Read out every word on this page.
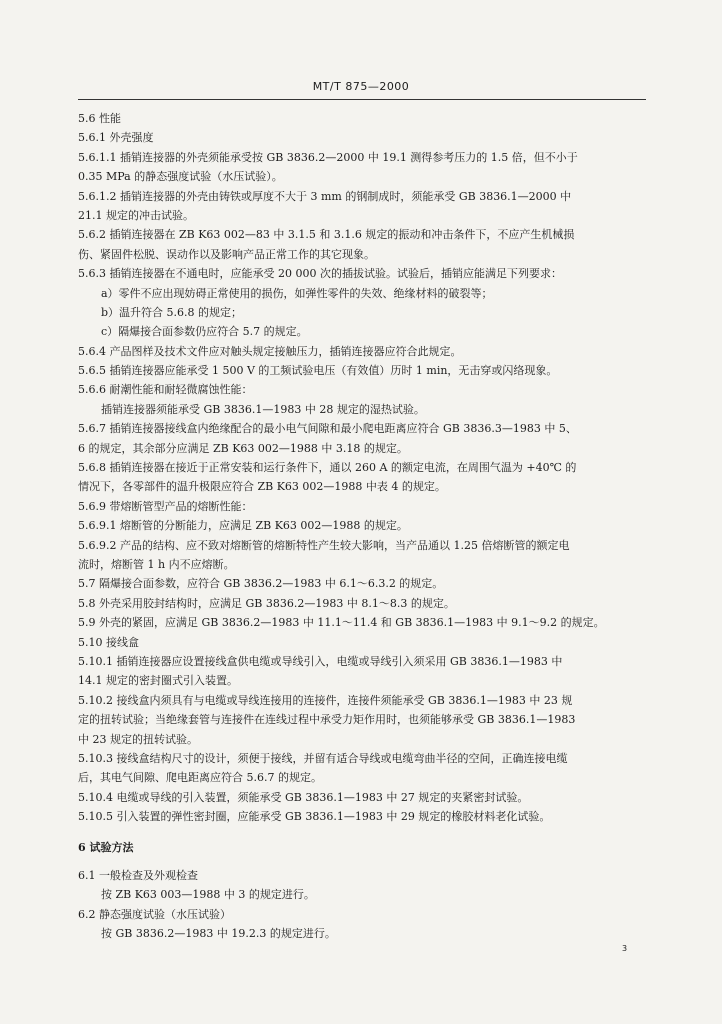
MT/T 875—2000
5.6 性能
5.6.1 外壳强度
5.6.1.1 插销连接器的外壳须能承受按 GB 3836.2—2000 中 19.1 测得参考压力的 1.5 倍，但不小于
0.35 MPa 的静态强度试验（水压试验）。
5.6.1.2 插销连接器的外壳由铸铁或厚度不大于 3 mm 的钢制成时，须能承受 GB 3836.1—2000 中
21.1 规定的冲击试验。
5.6.2 插销连接器在 ZB K63 002—83 中 3.1.5 和 3.1.6 规定的振动和冲击条件下，不应产生机械损
伤、紧固件松脱、误动作以及影响产品正常工作的其它现象。
5.6.3 插销连接器在不通电时，应能承受 20 000 次的插拔试验。试验后，插销应能满足下列要求：
a）零件不应出现妨碍正常使用的损伤，如弹性零件的失效、绝缘材料的破裂等；
b）温升符合 5.6.8 的规定；
c）隔爆接合面参数仍应符合 5.7 的规定。
5.6.4 产品图样及技术文件应对触头规定接触压力，插销连接器应符合此规定。
5.6.5 插销连接器应能承受 1 500 V 的工频试验电压（有效值）历时 1 min，无击穿或闪络现象。
5.6.6 耐潮性能和耐轻微腐蚀性能：
插销连接器须能承受 GB 3836.1—1983 中 28 规定的湿热试验。
5.6.7 插销连接器接线盒内绝缘配合的最小电气间隙和最小爬电距离应符合 GB 3836.3—1983 中 5、
6 的规定，其余部分应满足 ZB K63 002—1988 中 3.18 的规定。
5.6.8 插销连接器在接近于正常安装和运行条件下，通以 260 A 的额定电流，在周围气温为 +40℃ 的
情况下，各零部件的温升极限应符合 ZB K63 002—1988 中表 4 的规定。
5.6.9 带熔断管型产品的熔断性能：
5.6.9.1 熔断管的分断能力，应满足 ZB K63 002—1988 的规定。
5.6.9.2 产品的结构、应不致对熔断管的熔断特性产生较大影响，当产品通以 1.25 倍熔断管的额定电
流时，熔断管 1 h 内不应熔断。
5.7 隔爆接合面参数，应符合 GB 3836.2—1983 中 6.1～6.3.2 的规定。
5.8 外壳采用胶封结构时，应满足 GB 3836.2—1983 中 8.1～8.3 的规定。
5.9 外壳的紧固，应满足 GB 3836.2—1983 中 11.1～11.4 和 GB 3836.1—1983 中 9.1～9.2 的规定。
5.10 接线盒
5.10.1 插销连接器应设置接线盒供电缆或导线引入，电缆或导线引入须采用 GB 3836.1—1983 中
14.1 规定的密封圈式引入装置。
5.10.2 接线盒内须具有与电缆或导线连接用的连接件，连接件须能承受 GB 3836.1—1983 中 23 规
定的扭转试验；当绝缘套管与连接件在连线过程中承受力矩作用时，也须能够承受 GB 3836.1—1983
中 23 规定的扭转试验。
5.10.3 接线盒结构尺寸的设计，须便于接线，并留有适合导线或电缆弯曲半径的空间，正确连接电缆
后，其电气间隙、爬电距离应符合 5.6.7 的规定。
5.10.4 电缆或导线的引入装置，须能承受 GB 3836.1—1983 中 27 规定的夹紧密封试验。
5.10.5 引入装置的弹性密封圈，应能承受 GB 3836.1—1983 中 29 规定的橡胶材料老化试验。
6 试验方法
6.1 一般检查及外观检查
按 ZB K63 003—1988 中 3 的规定进行。
6.2 静态强度试验（水压试验）
按 GB 3836.2—1983 中 19.2.3 的规定进行。
3
